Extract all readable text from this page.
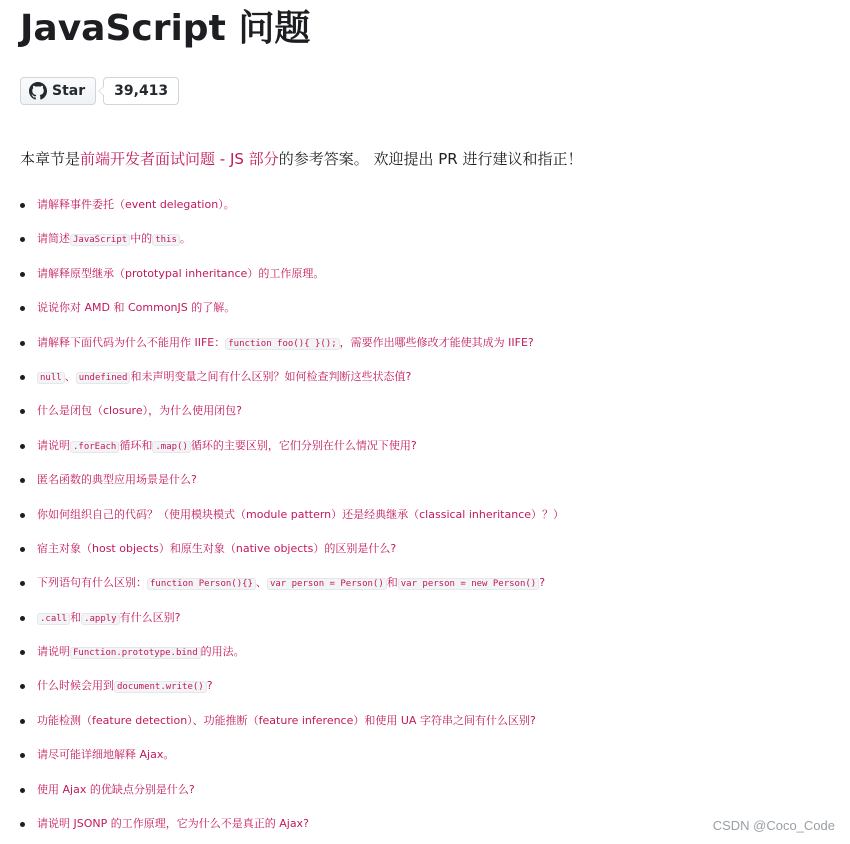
JavaScript 问题
Star	39,413

本章节是前端开发者面试问题 - JS 部分的参考答案。 欢迎提出 PR 进行建议和指正！

请解释事件委托（event delegation）。
请简述 JavaScript 中的 this 。
请解释原型继承（prototypal inheritance）的工作原理。
说说你对 AMD 和 CommonJS 的了解。
请解释下面代码为什么不能用作 IIFE： function foo(){ }(); ，需要作出哪些修改才能使其成为 IIFE?
null 、 undefined 和未声明变量之间有什么区别？如何检查判断这些状态值?
什么是闭包（closure），为什么使用闭包?
请说明 .forEach 循环和 .map() 循环的主要区别，它们分别在什么情况下使用?
匿名函数的典型应用场景是什么?
你如何组织自己的代码？（使用模块模式（module pattern）还是经典继承（classical inheritance）？）
宿主对象（host objects）和原生对象（native objects）的区别是什么?
下列语句有什么区别： function Person(){} 、 var person = Person() 和 var person = new Person() ?
.call 和 .apply 有什么区别?
请说明 Function.prototype.bind 的用法。
什么时候会用到 document.write() ?
功能检测（feature detection）、功能推断（feature inference）和使用 UA 字符串之间有什么区别?
请尽可能详细地解释 Ajax。
使用 Ajax 的优缺点分别是什么?
请说明 JSONP 的工作原理，它为什么不是真正的 Ajax?	CSDN @Coco_Code
